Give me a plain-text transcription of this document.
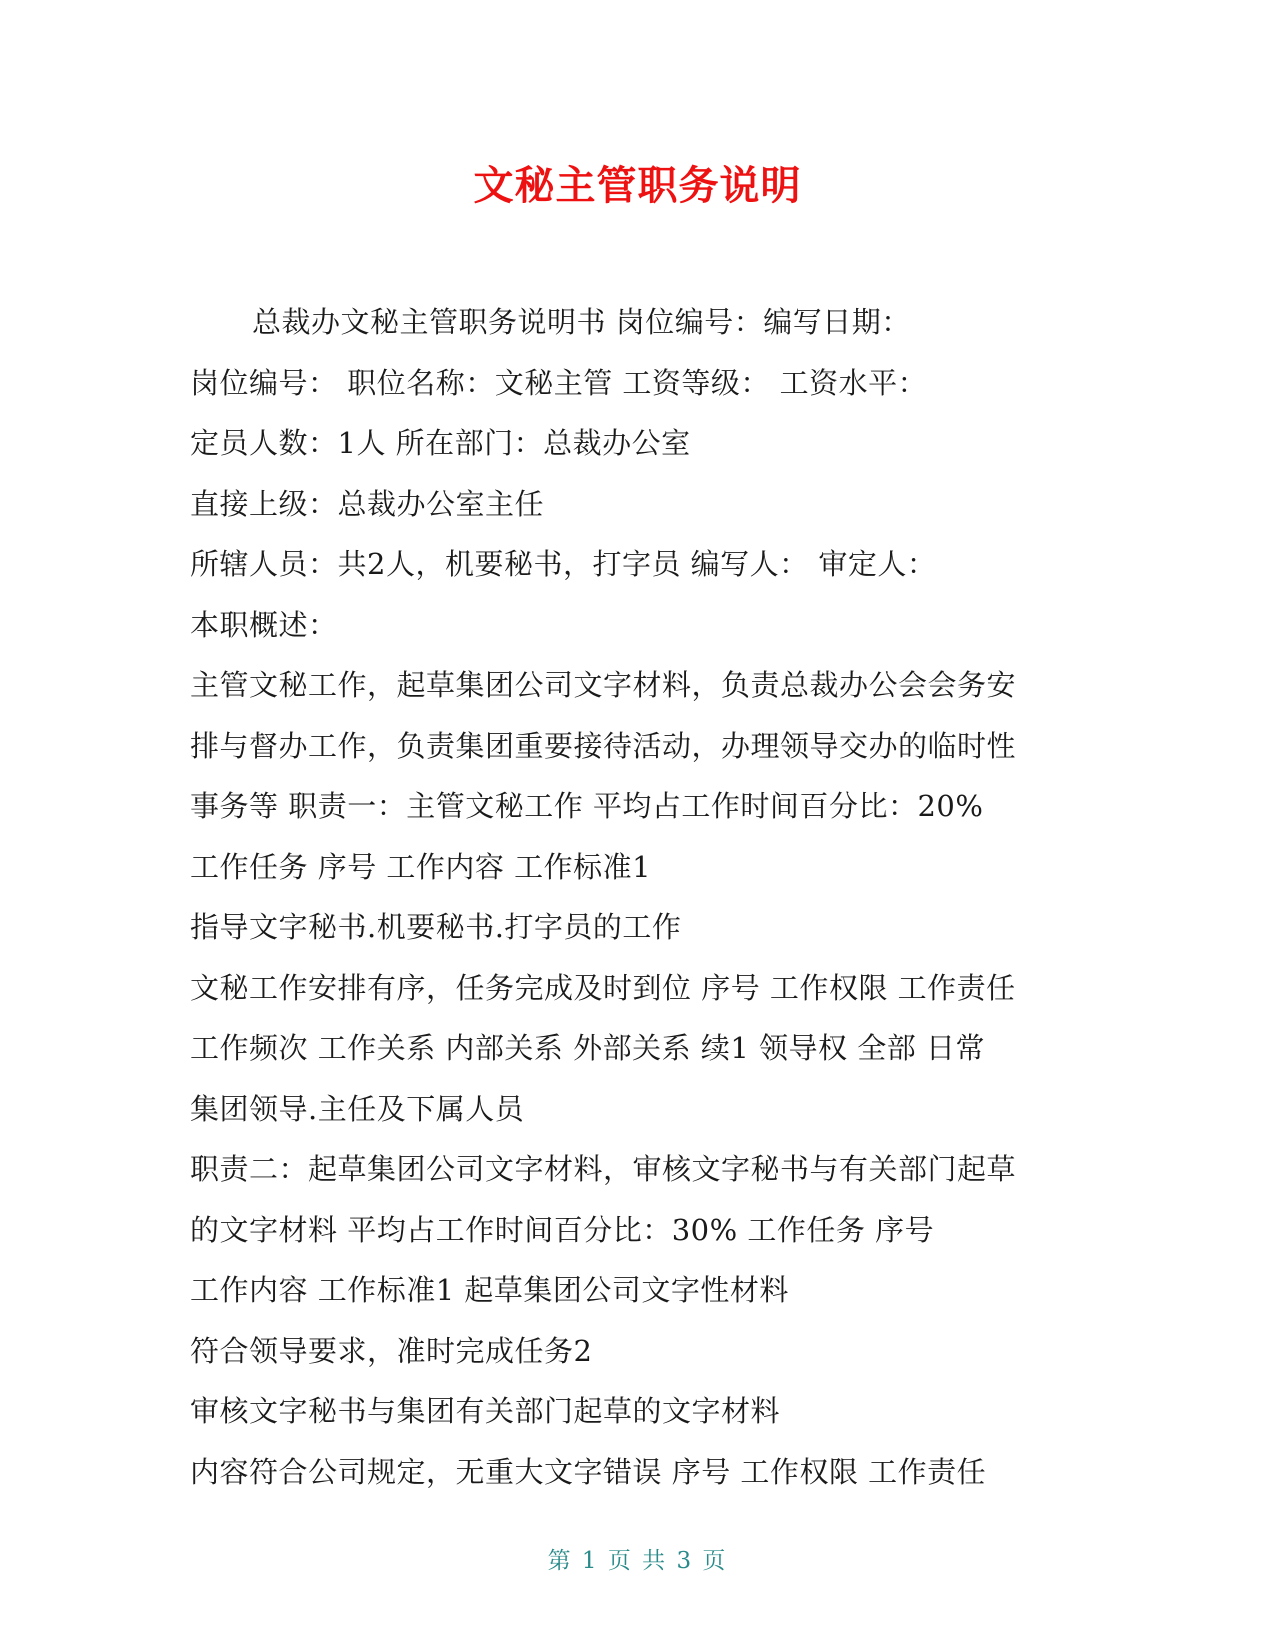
文秘主管职务说明
总裁办文秘主管职务说明书 岗位编号：编写日期：
岗位编号： 职位名称：文秘主管 工资等级： 工资水平：
定员人数：1人 所在部门：总裁办公室
直接上级：总裁办公室主任
所辖人员：共2人，机要秘书，打字员 编写人： 审定人：
本职概述：
主管文秘工作，起草集团公司文字材料，负责总裁办公会会务安
排与督办工作，负责集团重要接待活动，办理领导交办的临时性
事务等 职责一：主管文秘工作 平均占工作时间百分比：20%
工作任务 序号 工作内容 工作标准1
指导文字秘书.机要秘书.打字员的工作
文秘工作安排有序，任务完成及时到位 序号 工作权限 工作责任
工作频次 工作关系 内部关系 外部关系 续1 领导权 全部 日常
集团领导.主任及下属人员
职责二：起草集团公司文字材料，审核文字秘书与有关部门起草
的文字材料 平均占工作时间百分比：30% 工作任务 序号
工作内容 工作标准1 起草集团公司文字性材料
符合领导要求，准时完成任务2
审核文字秘书与集团有关部门起草的文字材料
内容符合公司规定，无重大文字错误 序号 工作权限 工作责任
第 1 页 共 3 页
